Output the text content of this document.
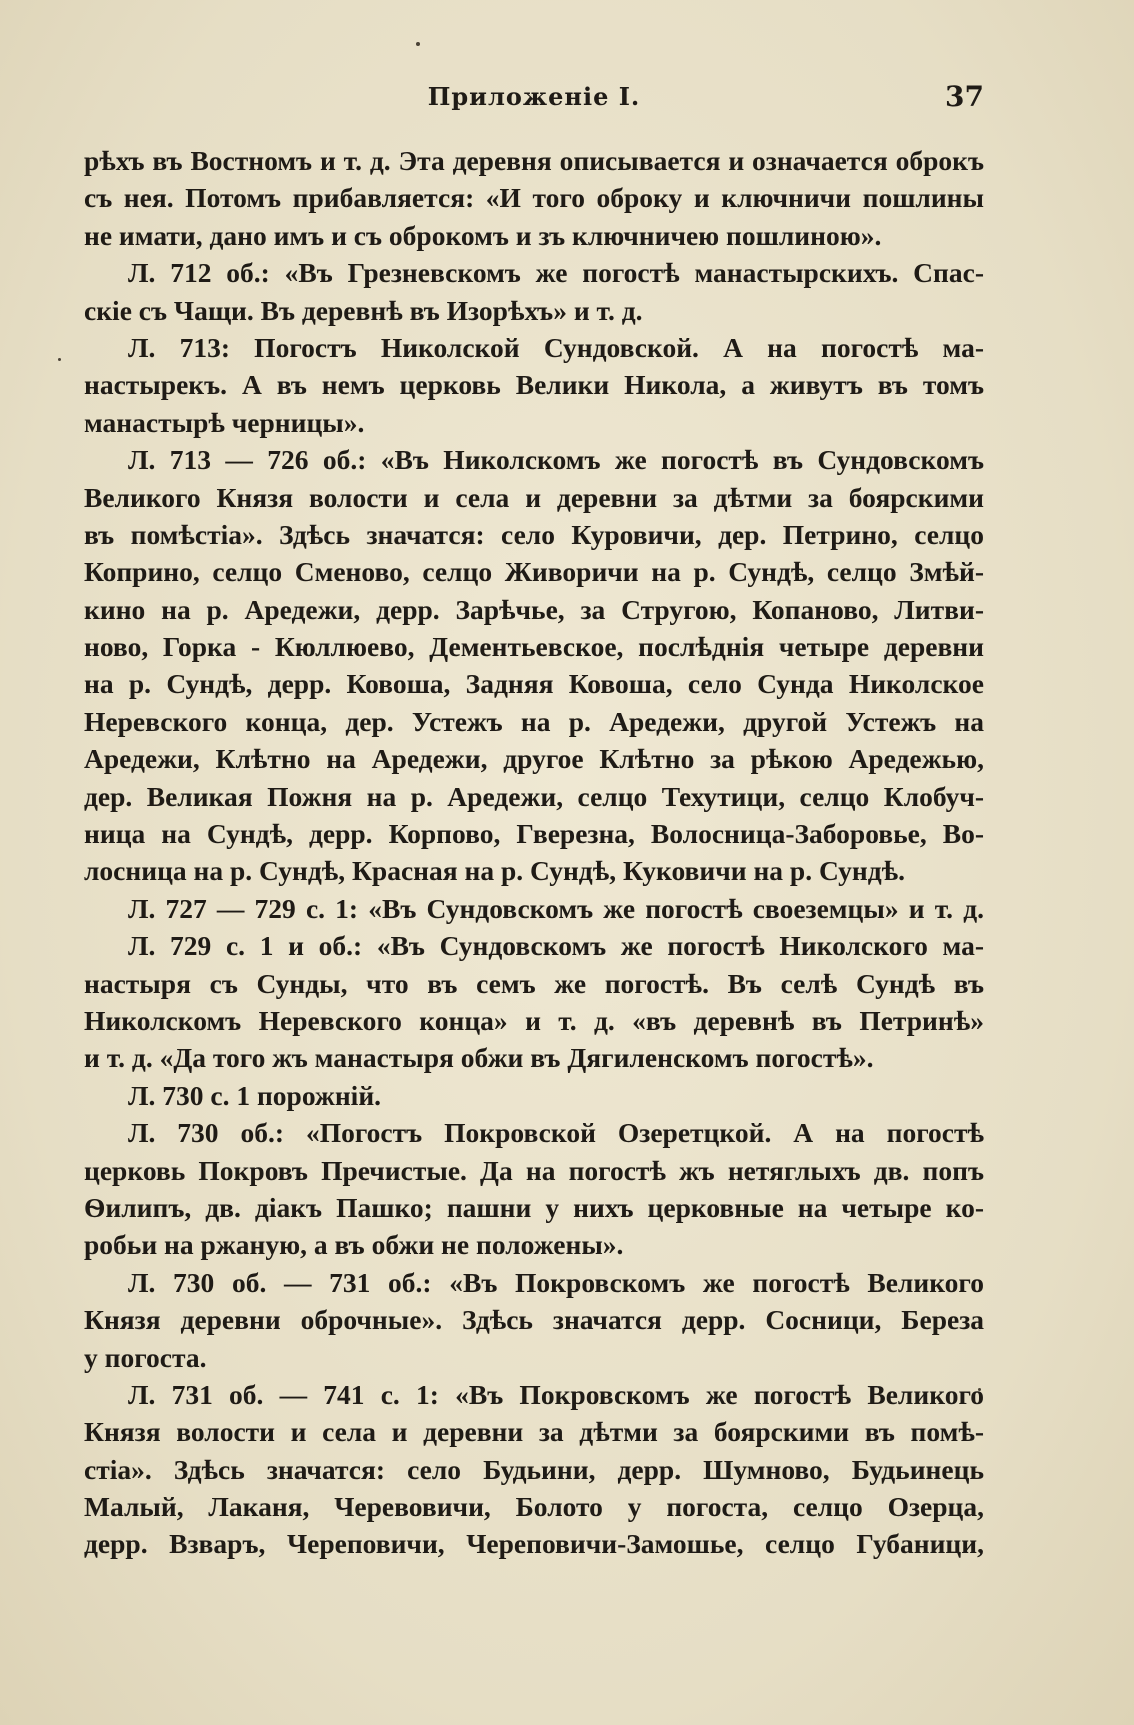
Приложеніе I.	37
рѣхъ въ Востномъ и т. д. Эта деревня описывается и означается оброкъ
съ нея. Потомъ прибавляется: «И того оброку и ключничи пошлины
не имати, дано имъ и съ оброкомъ и зъ ключничею пошлиною».
Л. 712 об.: «Въ Грезневскомъ же погостѣ манастырскихъ. Спас-
скіе съ Чащи. Въ деревнѣ въ Изорѣхъ» и т. д.
Л. 713: Погостъ Николской Сундовской. А на погостѣ ма-
настырекъ. А въ немъ церковь Велики Никола, а живутъ въ томъ
манастырѣ черницы».
Л. 713 — 726 об.: «Въ Николскомъ же погостѣ въ Сундовскомъ
Великого Князя волости и села и деревни за дѣтми за боярскими
въ помѣстіа». Здѣсь значатся: село Куровичи, дер. Петрино, селцо
Коприно, селцо Сменово, селцо Живоричи на р. Сундѣ, селцо Змѣй-
кино на р. Аредежи, дерр. Зарѣчье, за Стругою, Копаново, Литви-
ново, Горка - Кюллюево, Дементьевское, послѣднія четыре деревни
на р. Сундѣ, дерр. Ковоша, Задняя Ковоша, село Сунда Николское
Неревского конца, дер. Устежъ на р. Аредежи, другой Устежъ на
Аредежи, Клѣтно на Аредежи, другое Клѣтно за рѣкою Аредежью,
дер. Великая Пожня на р. Аредежи, селцо Техутици, селцо Клобуч-
ница на Сундѣ, дерр. Корпово, Гверезна, Волосница-Заборовье, Во-
лосница на р. Сундѣ, Красная на р. Сундѣ, Куковичи на р. Сундѣ.
Л. 727 — 729 с. 1: «Въ Сундовскомъ же погостѣ своеземцы» и т. д.
Л. 729 с. 1 и об.: «Въ Сундовскомъ же погостѣ Николского ма-
настыря съ Сунды, что въ семъ же погостѣ. Въ селѣ Сундѣ въ
Николскомъ Неревского конца» и т. д. «въ деревнѣ въ Петринѣ»
и т. д. «Да того жъ манастыря обжи въ Дягиленскомъ погостѣ».
Л. 730 с. 1 порожній.
Л. 730 об.: «Погостъ Покровской Озеретцкой. А на погостѣ
церковь Покровъ Пречистые. Да на погостѣ жъ нетяглыхъ дв. попъ
Ѳилипъ, дв. діакъ Пашко; пашни у нихъ церковные на четыре ко-
робьи на ржаную, а въ обжи не положены».
Л. 730 об. — 731 об.: «Въ Покровскомъ же погостѣ Великого
Князя деревни оброчные». Здѣсь значатся дерр. Сосници, Береза
у погоста.
Л. 731 об. — 741 с. 1: «Въ Покровскомъ же погостѣ Великого
Князя волости и села и деревни за дѣтми за боярскими въ помѣ-
стіа». Здѣсь значатся: село Будьини, дерр. Шумново, Будьинець
Малый, Лаканя, Черевовичи, Болото у погоста, селцо Озерца,
дерр. Взваръ, Череповичи, Череповичи-Замошье, селцо Губаници,
